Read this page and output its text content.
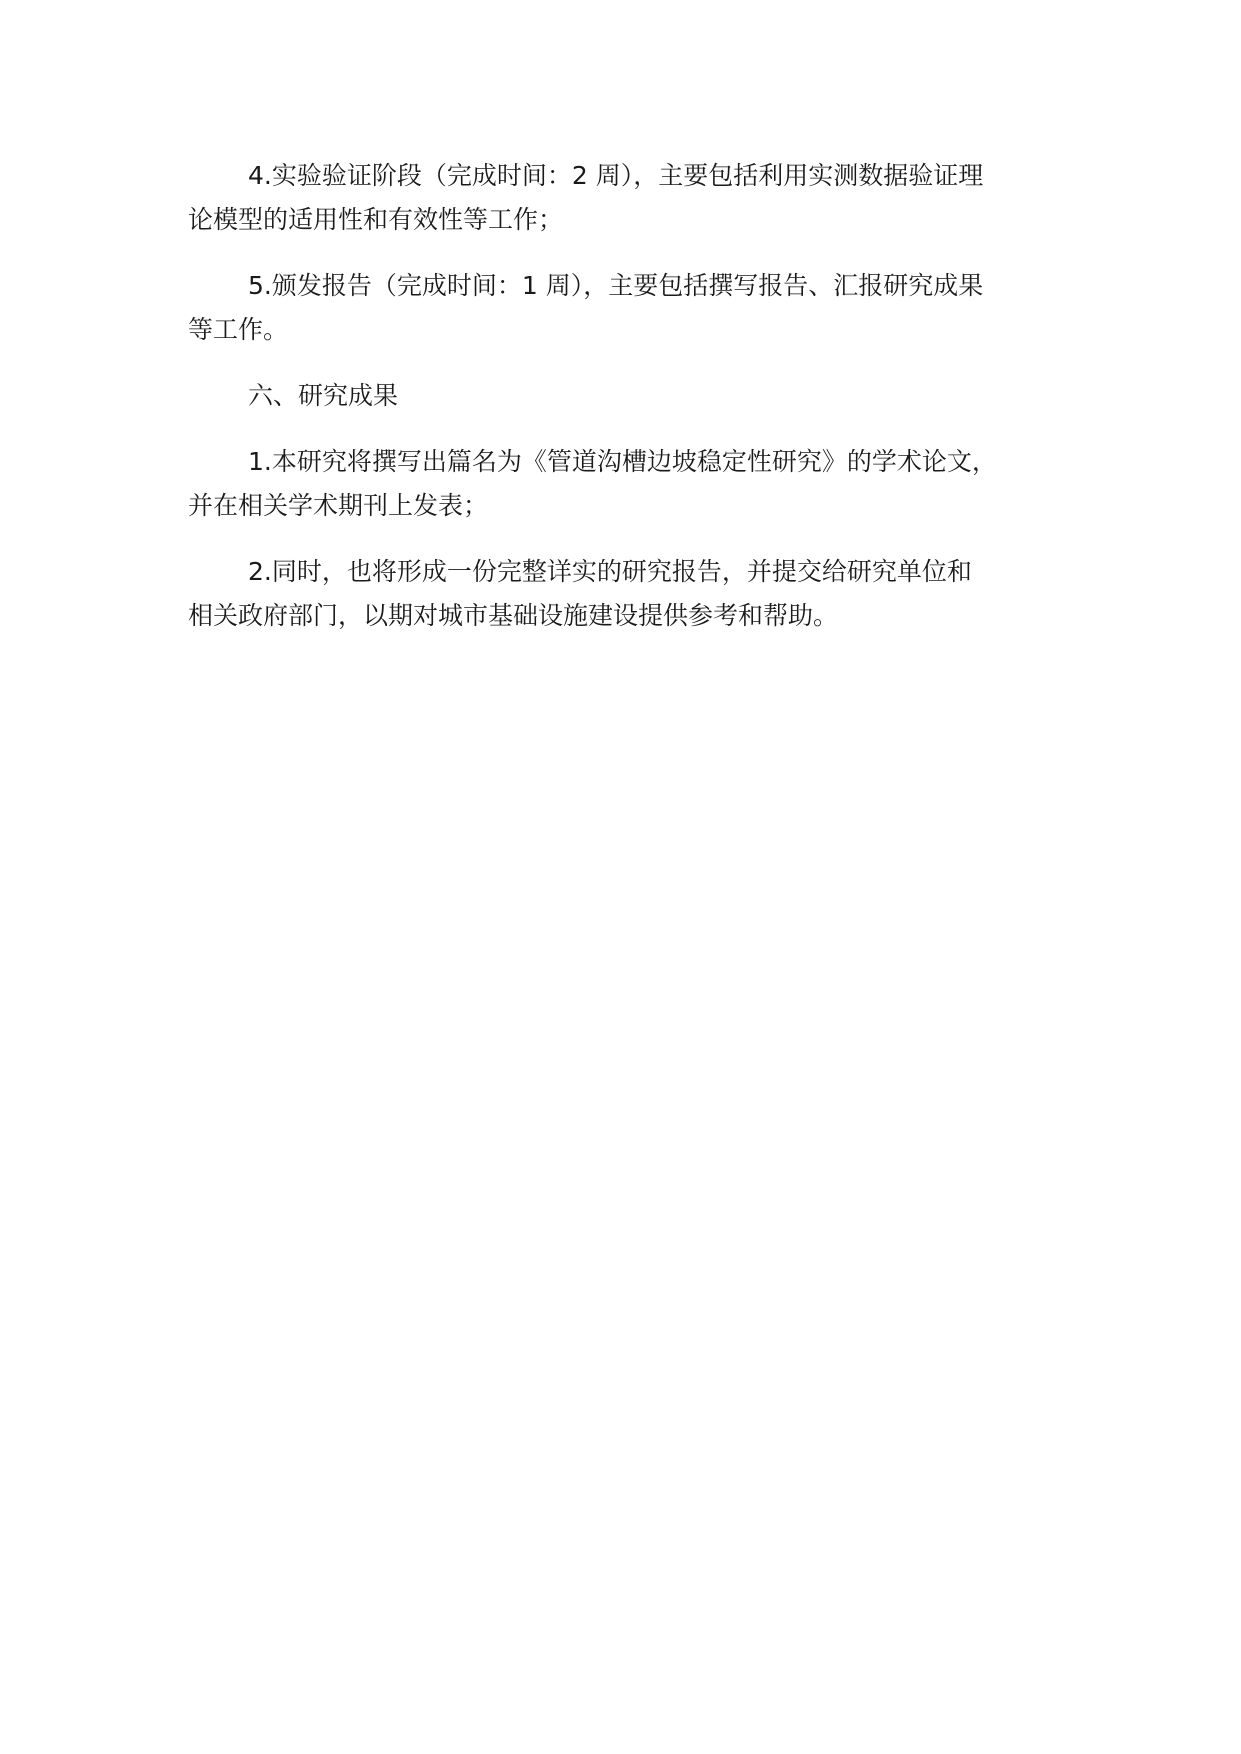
4.实验验证阶段（完成时间：2 周），主要包括利用实测数据验证理
论模型的适用性和有效性等工作；
5.颁发报告（完成时间：1 周），主要包括撰写报告、汇报研究成果
等工作。
六、研究成果
1.本研究将撰写出篇名为《管道沟槽边坡稳定性研究》的学术论文，
并在相关学术期刊上发表；
2.同时，也将形成一份完整详实的研究报告，并提交给研究单位和
相关政府部门，以期对城市基础设施建设提供参考和帮助。
